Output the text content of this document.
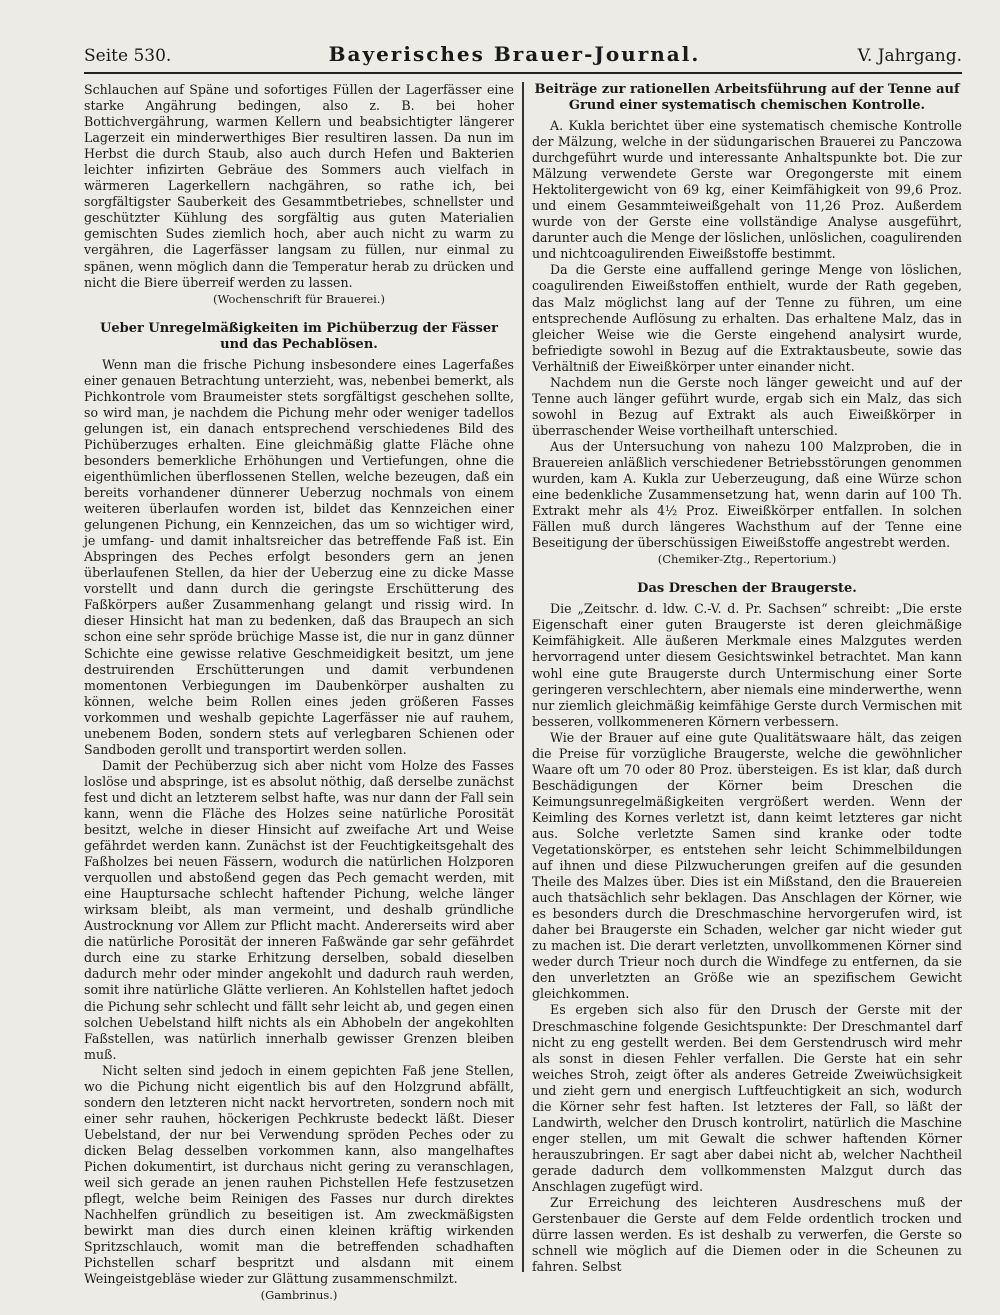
Seite 530.	Bayerisches Brauer-Journal.	V. Jahrgang.

Schlauchen auf Späne und sofortiges Füllen der Lagerfässer eine starke Angährung bedingen, also z. B. bei hoher Bottichvergährung, warmen Kellern und beabsichtigter längerer Lagerzeit ein minderwerthiges Bier resultiren lassen. Da nun im Herbst die durch Staub, also auch durch Hefen und Bakterien leichter infizirten Gebräue des Sommers auch vielfach in wärmeren Lagerkellern nachgähren, so rathe ich, bei sorgfältigster Sauberkeit des Gesammtbetriebes, schnellster und geschützter Kühlung des sorgfältig aus guten Materialien gemischten Sudes ziemlich hoch, aber auch nicht zu warm zu vergähren, die Lagerfässer langsam zu füllen, nur einmal zu spänen, wenn möglich dann die Temperatur herab zu drücken und nicht die Biere überreif werden zu lassen.

(Wochenschrift für Brauerei.)

Ueber Unregelmäßigkeiten im Pichüberzug der Fässer und das Pechablösen.

Wenn man die frische Pichung insbesondere eines Lagerfaßes einer genauen Betrachtung unterzieht, was, nebenbei bemerkt, als Pichkontrole vom Braumeister stets sorgfältigst geschehen sollte, so wird man, je nachdem die Pichung mehr oder weniger tadellos gelungen ist, ein danach entsprechend verschiedenes Bild des Pichüberzuges erhalten. Eine gleichmäßig glatte Fläche ohne besonders bemerkliche Erhöhungen und Vertiefungen, ohne die eigenthümlichen überflossenen Stellen, welche bezeugen, daß ein bereits vorhandener dünnerer Ueberzug nochmals von einem weiteren überlaufen worden ist, bildet das Kennzeichen einer gelungenen Pichung, ein Kennzeichen, das um so wichtiger wird, je umfang- und damit inhaltsreicher das betreffende Faß ist. Ein Abspringen des Peches erfolgt besonders gern an jenen überlaufenen Stellen, da hier der Ueberzug eine zu dicke Masse vorstellt und dann durch die geringste Erschütterung des Faßkörpers außer Zusammenhang gelangt und rissig wird. In dieser Hinsicht hat man zu bedenken, daß das Braupech an sich schon eine sehr spröde brüchige Masse ist, die nur in ganz dünner Schichte eine gewisse relative Geschmeidigkeit besitzt, um jene destruirenden Erschütterungen und damit verbundenen momentonen Verbiegungen im Daubenkörper aushalten zu können, welche beim Rollen eines jeden größeren Fasses vorkommen und weshalb gepichte Lagerfässer nie auf rauhem, unebenem Boden, sondern stets auf verlegbaren Schienen oder Sandboden gerollt und transportirt werden sollen.

Damit der Pechüberzug sich aber nicht vom Holze des Fasses loslöse und abspringe, ist es absolut nöthig, daß derselbe zunächst fest und dicht an letzterem selbst hafte, was nur dann der Fall sein kann, wenn die Fläche des Holzes seine natürliche Porosität besitzt, welche in dieser Hinsicht auf zweifache Art und Weise gefährdet werden kann. Zunächst ist der Feuchtigkeitsgehalt des Faßholzes bei neuen Fässern, wodurch die natürlichen Holzporen verquollen und abstoßend gegen das Pech gemacht werden, mit eine Hauptursache schlecht haftender Pichung, welche länger wirksam bleibt, als man vermeint, und deshalb gründliche Austrocknung vor Allem zur Pflicht macht. Andererseits wird aber die natürliche Porosität der inneren Faßwände gar sehr gefährdet durch eine zu starke Erhitzung derselben, sobald dieselben dadurch mehr oder minder angekohlt und dadurch rauh werden, somit ihre natürliche Glätte verlieren. An Kohlstellen haftet jedoch die Pichung sehr schlecht und fällt sehr leicht ab, und gegen einen solchen Uebelstand hilft nichts als ein Abhobeln der angekohlten Faßstellen, was natürlich innerhalb gewisser Grenzen bleiben muß.

Nicht selten sind jedoch in einem gepichten Faß jene Stellen, wo die Pichung nicht eigentlich bis auf den Holzgrund abfällt, sondern den letzteren nicht nackt hervortreten, sondern noch mit einer sehr rauhen, höckerigen Pechkruste bedeckt läßt. Dieser Uebelstand, der nur bei Verwendung spröden Peches oder zu dicken Belag desselben vorkommen kann, also mangelhaftes Pichen dokumentirt, ist durchaus nicht gering zu veranschlagen, weil sich gerade an jenen rauhen Pichstellen Hefe festzusetzen pflegt, welche beim Reinigen des Fasses nur durch direktes Nachhelfen gründlich zu beseitigen ist. Am zweckmäßigsten bewirkt man dies durch einen kleinen kräftig wirkenden Spritzschlauch, womit man die betreffenden schadhaften Pichstellen scharf bespritzt und alsdann mit einem Weingeistgebläse wieder zur Glättung zusammenschmilzt.

(Gambrinus.)

Beiträge zur rationellen Arbeitsführung auf der Tenne auf Grund einer systematisch chemischen Kontrolle.

A. Kukla berichtet über eine systematisch chemische Kontrolle der Mälzung, welche in der südungarischen Brauerei zu Panczowa durchgeführt wurde und interessante Anhaltspunkte bot. Die zur Mälzung verwendete Gerste war Oregongerste mit einem Hektolitergewicht von 69 kg, einer Keimfähigkeit von 99,6 Proz. und einem Gesammteiweißgehalt von 11,26 Proz. Außerdem wurde von der Gerste eine vollständige Analyse ausgeführt, darunter auch die Menge der löslichen, unlöslichen, coagulirenden und nichtcoagulirenden Eiweißstoffe bestimmt.

Da die Gerste eine auffallend geringe Menge von löslichen, coagulirenden Eiweißstoffen enthielt, wurde der Rath gegeben, das Malz möglichst lang auf der Tenne zu führen, um eine entsprechende Auflösung zu erhalten. Das erhaltene Malz, das in gleicher Weise wie die Gerste eingehend analysirt wurde, befriedigte sowohl in Bezug auf die Extraktausbeute, sowie das Verhältniß der Eiweißkörper unter einander nicht.

Nachdem nun die Gerste noch länger geweicht und auf der Tenne auch länger geführt wurde, ergab sich ein Malz, das sich sowohl in Bezug auf Extrakt als auch Eiweißkörper in überraschender Weise vortheilhaft unterschied.

Aus der Untersuchung von nahezu 100 Malzproben, die in Brauereien anläßlich verschiedener Betriebsstörungen genommen wurden, kam A. Kukla zur Ueberzeugung, daß eine Würze schon eine bedenkliche Zusammensetzung hat, wenn darin auf 100 Th. Extrakt mehr als 4½ Proz. Eiweißkörper entfallen. In solchen Fällen muß durch längeres Wachsthum auf der Tenne eine Beseitigung der überschüssigen Eiweißstoffe angestrebt werden.

(Chemiker-Ztg., Repertorium.)

Das Dreschen der Braugerste.

Die „Zeitschr. d. ldw. C.-V. d. Pr. Sachsen“ schreibt: „Die erste Eigenschaft einer guten Braugerste ist deren gleichmäßige Keimfähigkeit. Alle äußeren Merkmale eines Malzgutes werden hervorragend unter diesem Gesichtswinkel betrachtet. Man kann wohl eine gute Braugerste durch Untermischung einer Sorte geringeren verschlechtern, aber niemals eine minderwerthe, wenn nur ziemlich gleichmäßig keimfähige Gerste durch Vermischen mit besseren, vollkommeneren Körnern verbessern.

Wie der Brauer auf eine gute Qualitätswaare hält, das zeigen die Preise für vorzügliche Braugerste, welche die gewöhnlicher Waare oft um 70 oder 80 Proz. übersteigen. Es ist klar, daß durch Beschädigungen der Körner beim Dreschen die Keimungsunregelmäßigkeiten vergrößert werden. Wenn der Keimling des Kornes verletzt ist, dann keimt letzteres gar nicht aus. Solche verletzte Samen sind kranke oder todte Vegetationskörper, es entstehen sehr leicht Schimmelbildungen auf ihnen und diese Pilzwucherungen greifen auf die gesunden Theile des Malzes über. Dies ist ein Mißstand, den die Brauereien auch thatsächlich sehr beklagen. Das Anschlagen der Körner, wie es besonders durch die Dreschmaschine hervorgerufen wird, ist daher bei Braugerste ein Schaden, welcher gar nicht wieder gut zu machen ist. Die derart verletzten, unvollkommenen Körner sind weder durch Trieur noch durch die Windfege zu entfernen, da sie den unverletzten an Größe wie an spezifischem Gewicht gleichkommen.

Es ergeben sich also für den Drusch der Gerste mit der Dreschmaschine folgende Gesichtspunkte: Der Dreschmantel darf nicht zu eng gestellt werden. Bei dem Gerstendrusch wird mehr als sonst in diesen Fehler verfallen. Die Gerste hat ein sehr weiches Stroh, zeigt öfter als anderes Getreide Zweiwüchsigkeit und zieht gern und energisch Luftfeuchtigkeit an sich, wodurch die Körner sehr fest haften. Ist letzteres der Fall, so läßt der Landwirth, welcher den Drusch kontrolirt, natürlich die Maschine enger stellen, um mit Gewalt die schwer haftenden Körner herauszubringen. Er sagt aber dabei nicht ab, welcher Nachtheil gerade dadurch dem vollkommensten Malzgut durch das Anschlagen zugefügt wird.

Zur Erreichung des leichteren Ausdreschens muß der Gerstenbauer die Gerste auf dem Felde ordentlich trocken und dürre lassen werden. Es ist deshalb zu verwerfen, die Gerste so schnell wie möglich auf die Diemen oder in die Scheunen zu fahren. Selbst
